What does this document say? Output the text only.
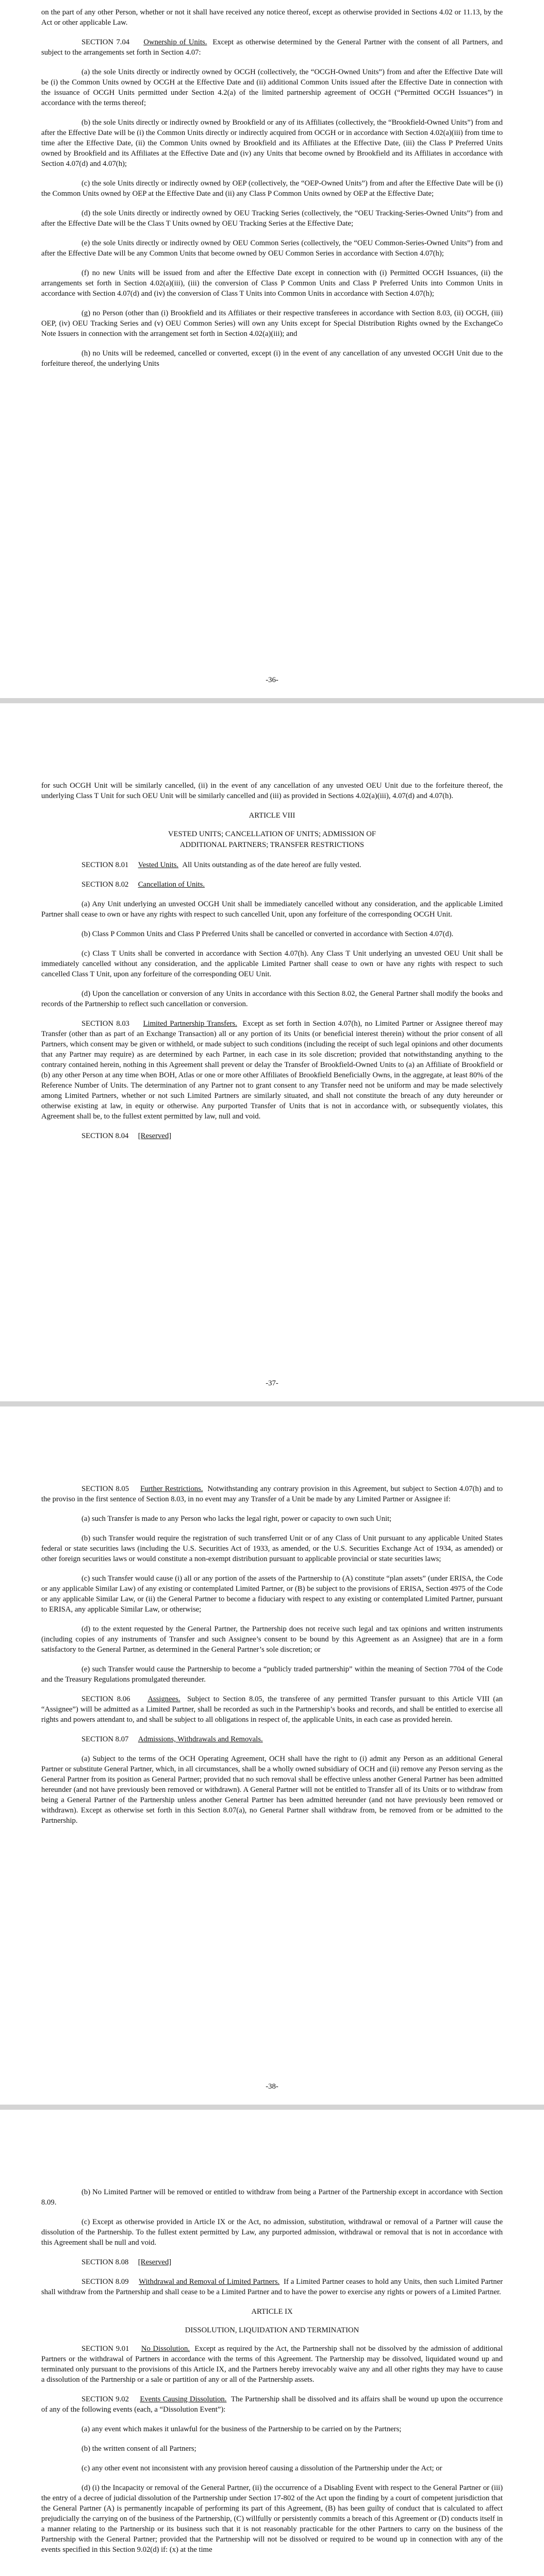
on the part of any other Person, whether or not it shall have received any notice thereof, except as otherwise provided in Sections 4.02 or 11.13, by the Act or other applicable Law.

SECTION 7.04 Ownership of Units. Except as otherwise determined by the General Partner with the consent of all Partners, and subject to the arrangements set forth in Section 4.07:

(a) the sole Units directly or indirectly owned by OCGH (collectively, the “OCGH-Owned Units”) from and after the Effective Date will be (i) the Common Units owned by OCGH at the Effective Date and (ii) additional Common Units issued after the Effective Date in connection with the issuance of OCGH Units permitted under Section 4.2(a) of the limited partnership agreement of OCGH (“Permitted OCGH Issuances”) in accordance with the terms thereof;

(b) the sole Units directly or indirectly owned by Brookfield or any of its Affiliates (collectively, the “Brookfield-Owned Units”) from and after the Effective Date will be (i) the Common Units directly or indirectly acquired from OCGH or in accordance with Section 4.02(a)(iii) from time to time after the Effective Date, (ii) the Common Units owned by Brookfield and its Affiliates at the Effective Date, (iii) the Class P Preferred Units owned by Brookfield and its Affiliates at the Effective Date and (iv) any Units that become owned by Brookfield and its Affiliates in accordance with Section 4.07(d) and 4.07(h);

(c) the sole Units directly or indirectly owned by OEP (collectively, the “OEP-Owned Units”) from and after the Effective Date will be (i) the Common Units owned by OEP at the Effective Date and (ii) any Class P Common Units owned by OEP at the Effective Date;

(d) the sole Units directly or indirectly owned by OEU Tracking Series (collectively, the “OEU Tracking-Series-Owned Units”) from and after the Effective Date will be the Class T Units owned by OEU Tracking Series at the Effective Date;

(e) the sole Units directly or indirectly owned by OEU Common Series (collectively, the “OEU Common-Series-Owned Units”) from and after the Effective Date will be any Common Units that become owned by OEU Common Series in accordance with Section 4.07(h);

(f) no new Units will be issued from and after the Effective Date except in connection with (i) Permitted OCGH Issuances, (ii) the arrangements set forth in Section 4.02(a)(iii), (iii) the conversion of Class P Common Units and Class P Preferred Units into Common Units in accordance with Section 4.07(d) and (iv) the conversion of Class T Units into Common Units in accordance with Section 4.07(h);

(g) no Person (other than (i) Brookfield and its Affiliates or their respective transferees in accordance with Section 8.03, (ii) OCGH, (iii) OEP, (iv) OEU Tracking Series and (v) OEU Common Series) will own any Units except for Special Distribution Rights owned by the ExchangeCo Note Issuers in connection with the arrangement set forth in Section 4.02(a)(iii); and

(h) no Units will be redeemed, cancelled or converted, except (i) in the event of any cancellation of any unvested OCGH Unit due to the forfeiture thereof, the underlying Units

-36-

for such OCGH Unit will be similarly cancelled, (ii) in the event of any cancellation of any unvested OEU Unit due to the forfeiture thereof, the underlying Class T Unit for such OEU Unit will be similarly cancelled and (iii) as provided in Sections 4.02(a)(iii), 4.07(d) and 4.07(h).

ARTICLE VIII

VESTED UNITS; CANCELLATION OF UNITS; ADMISSION OF
ADDITIONAL PARTNERS; TRANSFER RESTRICTIONS

SECTION 8.01 Vested Units. All Units outstanding as of the date hereof are fully vested.

SECTION 8.02 Cancellation of Units.

(a) Any Unit underlying an unvested OCGH Unit shall be immediately cancelled without any consideration, and the applicable Limited Partner shall cease to own or have any rights with respect to such cancelled Unit, upon any forfeiture of the corresponding OCGH Unit.

(b) Class P Common Units and Class P Preferred Units shall be cancelled or converted in accordance with Section 4.07(d).

(c) Class T Units shall be converted in accordance with Section 4.07(h). Any Class T Unit underlying an unvested OEU Unit shall be immediately cancelled without any consideration, and the applicable Limited Partner shall cease to own or have any rights with respect to such cancelled Class T Unit, upon any forfeiture of the corresponding OEU Unit.

(d) Upon the cancellation or conversion of any Units in accordance with this Section 8.02, the General Partner shall modify the books and records of the Partnership to reflect such cancellation or conversion.

SECTION 8.03 Limited Partnership Transfers. Except as set forth in Section 4.07(h), no Limited Partner or Assignee thereof may Transfer (other than as part of an Exchange Transaction) all or any portion of its Units (or beneficial interest therein) without the prior consent of all Partners, which consent may be given or withheld, or made subject to such conditions (including the receipt of such legal opinions and other documents that any Partner may require) as are determined by each Partner, in each case in its sole discretion; provided that notwithstanding anything to the contrary contained herein, nothing in this Agreement shall prevent or delay the Transfer of Brookfield-Owned Units to (a) an Affiliate of Brookfield or (b) any other Person at any time when BOH, Atlas or one or more other Affiliates of Brookfield Beneficially Owns, in the aggregate, at least 80% of the Reference Number of Units. The determination of any Partner not to grant consent to any Transfer need not be uniform and may be made selectively among Limited Partners, whether or not such Limited Partners are similarly situated, and shall not constitute the breach of any duty hereunder or otherwise existing at law, in equity or otherwise. Any purported Transfer of Units that is not in accordance with, or subsequently violates, this Agreement shall be, to the fullest extent permitted by law, null and void.

SECTION 8.04 [Reserved]

-37-

SECTION 8.05 Further Restrictions. Notwithstanding any contrary provision in this Agreement, but subject to Section 4.07(h) and to the proviso in the first sentence of Section 8.03, in no event may any Transfer of a Unit be made by any Limited Partner or Assignee if:

(a) such Transfer is made to any Person who lacks the legal right, power or capacity to own such Unit;

(b) such Transfer would require the registration of such transferred Unit or of any Class of Unit pursuant to any applicable United States federal or state securities laws (including the U.S. Securities Act of 1933, as amended, or the U.S. Securities Exchange Act of 1934, as amended) or other foreign securities laws or would constitute a non-exempt distribution pursuant to applicable provincial or state securities laws;

(c) such Transfer would cause (i) all or any portion of the assets of the Partnership to (A) constitute “plan assets” (under ERISA, the Code or any applicable Similar Law) of any existing or contemplated Limited Partner, or (B) be subject to the provisions of ERISA, Section 4975 of the Code or any applicable Similar Law, or (ii) the General Partner to become a fiduciary with respect to any existing or contemplated Limited Partner, pursuant to ERISA, any applicable Similar Law, or otherwise;

(d) to the extent requested by the General Partner, the Partnership does not receive such legal and tax opinions and written instruments (including copies of any instruments of Transfer and such Assignee’s consent to be bound by this Agreement as an Assignee) that are in a form satisfactory to the General Partner, as determined in the General Partner’s sole discretion; or

(e) such Transfer would cause the Partnership to become a “publicly traded partnership” within the meaning of Section 7704 of the Code and the Treasury Regulations promulgated thereunder.

SECTION 8.06 Assignees. Subject to Section 8.05, the transferee of any permitted Transfer pursuant to this Article VIII (an “Assignee”) will be admitted as a Limited Partner, shall be recorded as such in the Partnership’s books and records, and shall be entitled to exercise all rights and powers attendant to, and shall be subject to all obligations in respect of, the applicable Units, in each case as provided herein.

SECTION 8.07 Admissions, Withdrawals and Removals.

(a) Subject to the terms of the OCH Operating Agreement, OCH shall have the right to (i) admit any Person as an additional General Partner or substitute General Partner, which, in all circumstances, shall be a wholly owned subsidiary of OCH and (ii) remove any Person serving as the General Partner from its position as General Partner; provided that no such removal shall be effective unless another General Partner has been admitted hereunder (and not have previously been removed or withdrawn). A General Partner will not be entitled to Transfer all of its Units or to withdraw from being a General Partner of the Partnership unless another General Partner has been admitted hereunder (and not have previously been removed or withdrawn). Except as otherwise set forth in this Section 8.07(a), no General Partner shall withdraw from, be removed from or be admitted to the Partnership.

-38-

(b) No Limited Partner will be removed or entitled to withdraw from being a Partner of the Partnership except in accordance with Section 8.09.

(c) Except as otherwise provided in Article IX or the Act, no admission, substitution, withdrawal or removal of a Partner will cause the dissolution of the Partnership. To the fullest extent permitted by Law, any purported admission, withdrawal or removal that is not in accordance with this Agreement shall be null and void.

SECTION 8.08 [Reserved]

SECTION 8.09 Withdrawal and Removal of Limited Partners. If a Limited Partner ceases to hold any Units, then such Limited Partner shall withdraw from the Partnership and shall cease to be a Limited Partner and to have the power to exercise any rights or powers of a Limited Partner.

ARTICLE IX

DISSOLUTION, LIQUIDATION AND TERMINATION

SECTION 9.01 No Dissolution. Except as required by the Act, the Partnership shall not be dissolved by the admission of additional Partners or the withdrawal of Partners in accordance with the terms of this Agreement. The Partnership may be dissolved, liquidated wound up and terminated only pursuant to the provisions of this Article IX, and the Partners hereby irrevocably waive any and all other rights they may have to cause a dissolution of the Partnership or a sale or partition of any or all of the Partnership assets.

SECTION 9.02 Events Causing Dissolution. The Partnership shall be dissolved and its affairs shall be wound up upon the occurrence of any of the following events (each, a “Dissolution Event”):

(a) any event which makes it unlawful for the business of the Partnership to be carried on by the Partners;

(b) the written consent of all Partners;

(c) any other event not inconsistent with any provision hereof causing a dissolution of the Partnership under the Act; or

(d) (i) the Incapacity or removal of the General Partner, (ii) the occurrence of a Disabling Event with respect to the General Partner or (iii) the entry of a decree of judicial dissolution of the Partnership under Section 17-802 of the Act upon the finding by a court of competent jurisdiction that the General Partner (A) is permanently incapable of performing its part of this Agreement, (B) has been guilty of conduct that is calculated to affect prejudicially the carrying on of the business of the Partnership, (C) willfully or persistently commits a breach of this Agreement or (D) conducts itself in a manner relating to the Partnership or its business such that it is not reasonably practicable for the other Partners to carry on the business of the Partnership with the General Partner; provided that the Partnership will not be dissolved or required to be wound up in connection with any of the events specified in this Section 9.02(d) if: (x) at the time
